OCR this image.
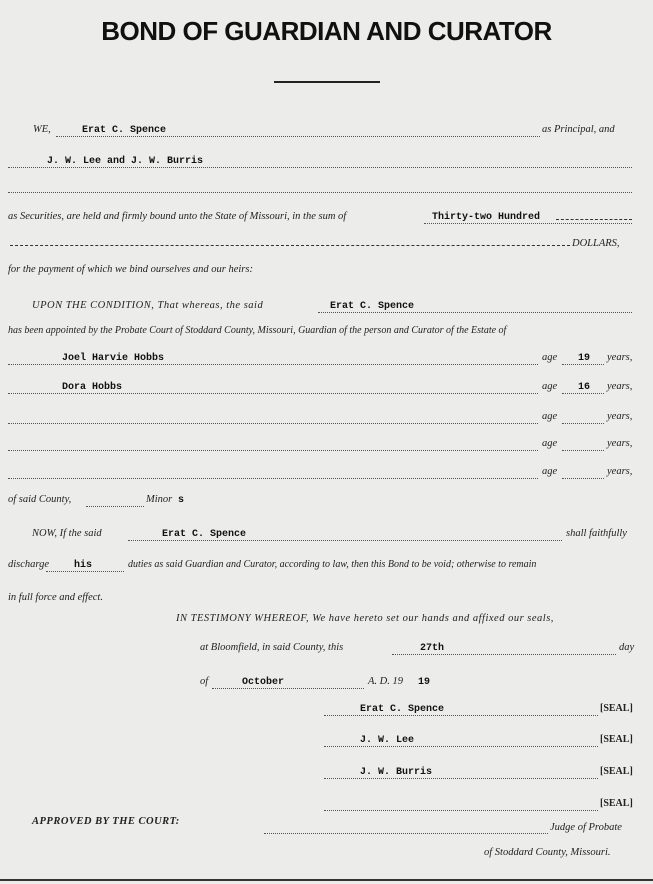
BOND OF GUARDIAN AND CURATOR
WE,	Erat C. Spence	as Principal, and
J. W. Lee and J. W. Burris
as Securities, are held and firmly bound unto the State of Missouri, in the sum of	Thirty-two Hundred
DOLLARS,
for the payment of which we bind ourselves and our heirs:
UPON THE CONDITION, That whereas, the said	Erat C. Spence
has been appointed by the Probate Court of Stoddard County, Missouri, Guardian of the person and Curator of the Estate of
Joel Harvie Hobbs	age 19 years,
Dora Hobbs	age 16 years,
age	years,
age	years,
age	years,
of said County,	Minor s
NOW, If the said	Erat C. Spence	shall faithfully
discharge his	duties as said Guardian and Curator, according to law, then this Bond to be void; otherwise to remain
in full force and effect.
IN TESTIMONY WHEREOF, We have hereto set our hands and affixed our seals,
at Bloomfield, in said County, this	27th	day
of	October	A. D. 19 19
Erat C. Spence	[SEAL]
J. W. Lee	[SEAL]
J. W. Burris	[SEAL]
[SEAL]
APPROVED BY THE COURT:
Judge of Probate
of Stoddard County, Missouri.
